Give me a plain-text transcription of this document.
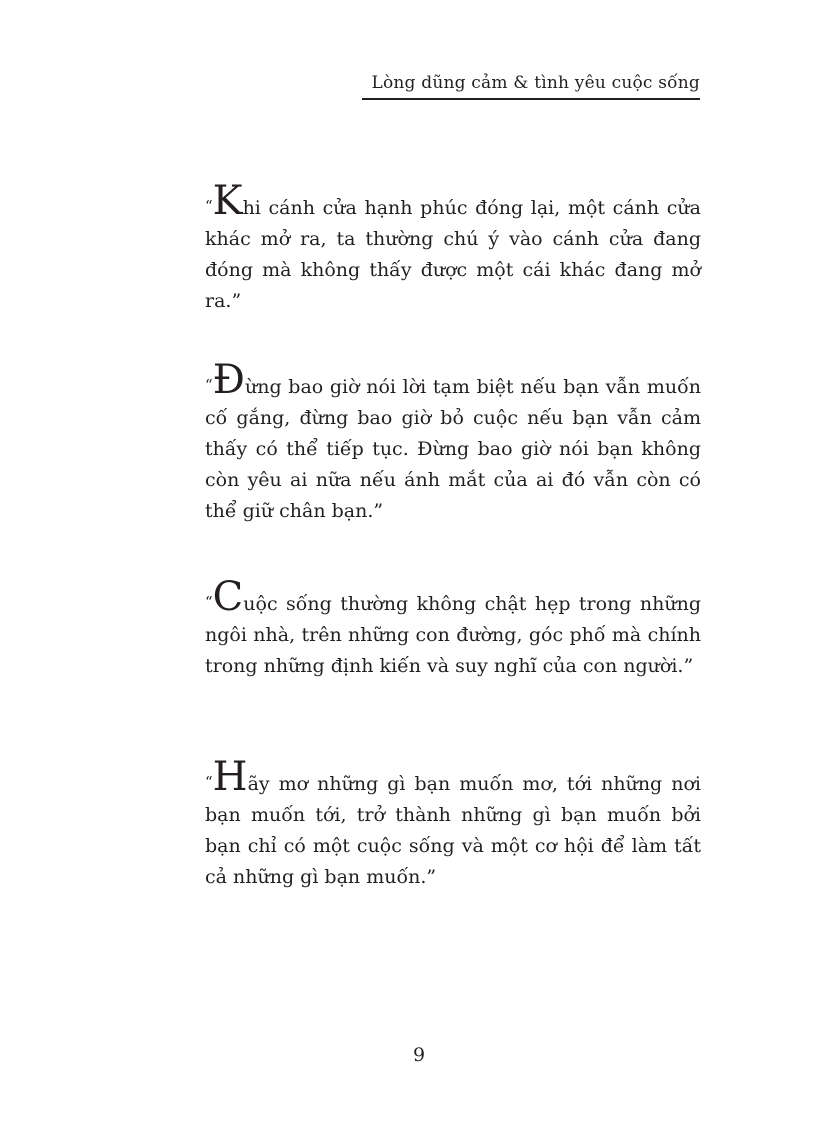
Lòng dũng cảm & tình yêu cuộc sống

“Khi cánh cửa hạnh phúc đóng lại, một cánh cửa khác mở ra, ta thường chú ý vào cánh cửa đang đóng mà không thấy được một cái khác đang mở ra.”

“Đừng bao giờ nói lời tạm biệt nếu bạn vẫn muốn cố gắng, đừng bao giờ bỏ cuộc nếu bạn vẫn cảm thấy có thể tiếp tục. Đừng bao giờ nói bạn không còn yêu ai nữa nếu ánh mắt của ai đó vẫn còn có thể giữ chân bạn.”

“Cuộc sống thường không chật hẹp trong những ngôi nhà, trên những con đường, góc phố mà chính trong những định kiến và suy nghĩ của con người.”

“Hãy mơ những gì bạn muốn mơ, tới những nơi bạn muốn tới, trở thành những gì bạn muốn bởi bạn chỉ có một cuộc sống và một cơ hội để làm tất cả những gì bạn muốn.”

9
